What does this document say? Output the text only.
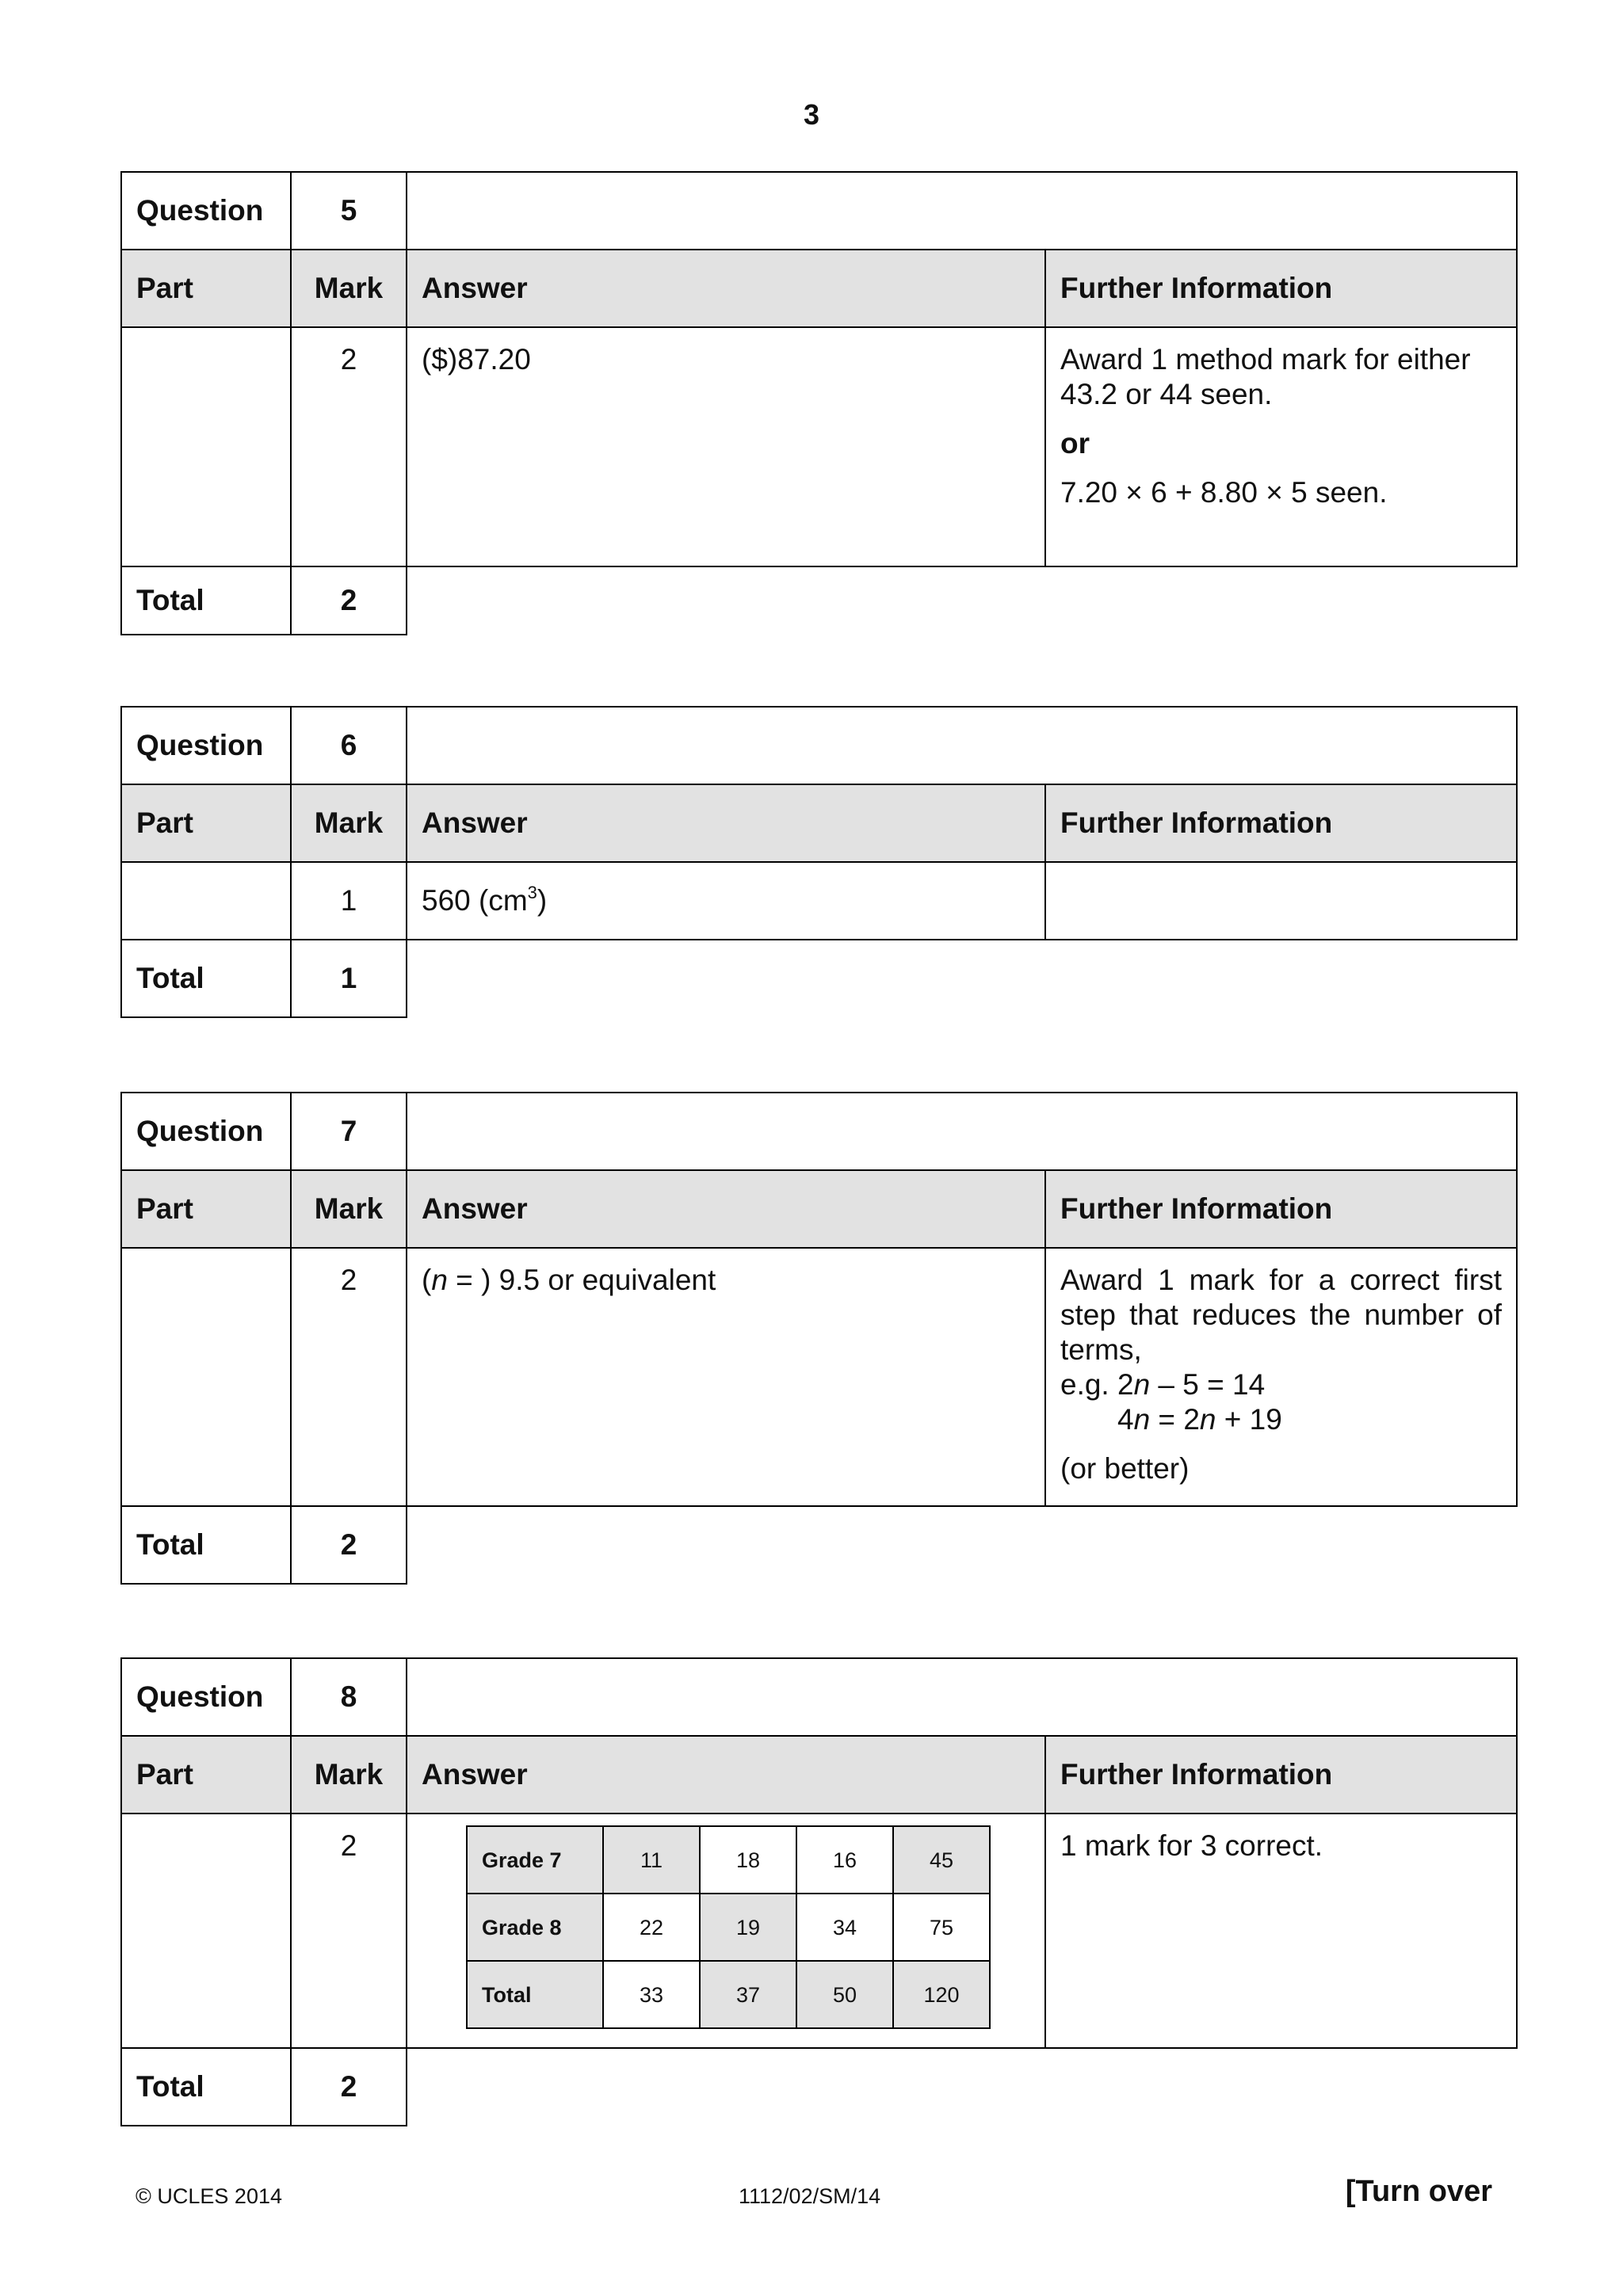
3
Question	5		
Part	Mark	Answer	Further Information
	2	($)87.20	Award 1 method mark for either 43.2 or 44 seen.
or
7.20 × 6 + 8.80 × 5 seen.

Total	2		
Question	6		
Part	Mark	Answer	Further Information
	1	560 $(cm^3)$	
Total	1		
Question	7		
Part	Mark	Answer	Further Information
	2	(n = ) 9.5 or equivalent	Award 1 mark for a correct first step that reduces the number of terms,
e.g. 2n – 5 = 14
4n = 2n + 19
(or better)

Total	2		
Question	8	
Part	Mark	Answer	Further Information
	2		Grade 7	11	18	16	45
Grade 8	22	19	34	75
Total	33	37	50	120
	1 mark for 3 correct.
Total	2	
© UCLES 2014	1112/02/SM/14	[Turn over
